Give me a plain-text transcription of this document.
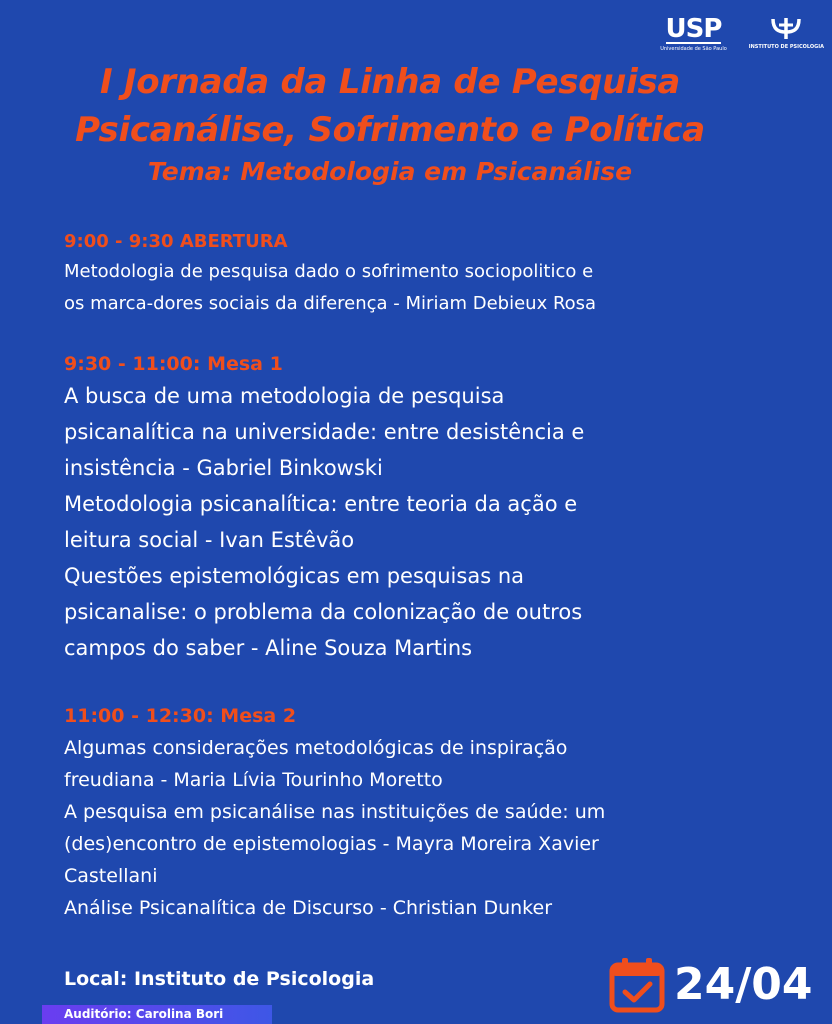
USP
Universidade de São Paulo	INSTITUTO DE PSICOLOGIA

I Jornada da Linha de Pesquisa

Psicanálise, Sofrimento e Política

Tema: Metodologia em Psicanálise

9:00 - 9:30 ABERTURA
Metodologia de pesquisa dado o sofrimento sociopolitico e
os marca-dores sociais da diferença - Miriam Debieux Rosa
9:30 - 11:00: Mesa 1
A busca de uma metodologia de pesquisa
psicanalítica na universidade: entre desistência e
insistência - Gabriel Binkowski
Metodologia psicanalítica: entre teoria da ação e
leitura social - Ivan Estêvão
Questões epistemológicas em pesquisas na
psicanalise: o problema da colonização de outros
campos do saber - Aline Souza Martins
11:00 - 12:30: Mesa 2
Algumas considerações metodológicas de inspiração
freudiana - Maria Lívia Tourinho Moretto
A pesquisa em psicanálise nas instituições de saúde: um
(des)encontro de epistemologias - Mayra Moreira Xavier
Castellani
Análise Psicanalítica de Discurso - Christian Dunker
Local: Instituto de Psicologia
Auditório: Carolina Bori
24/04
